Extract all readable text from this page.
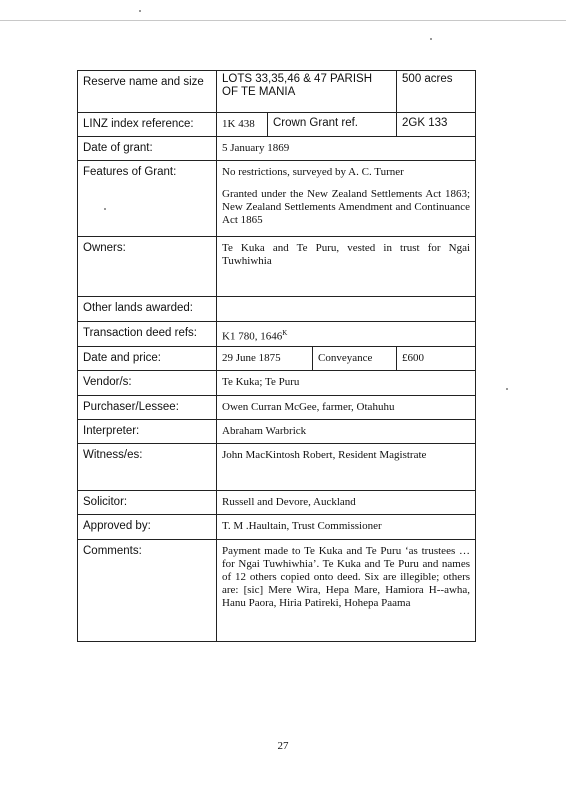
Reserve name and size	LOTS 33,35,46 & 47 PARISH OF TE MANIA			500 acres

LINZ index reference:	1K 438	Crown Grant ref.		2GK 133

Date of grant:	5 January 1869			

Features of Grant:	No restrictions, surveyed by A. C. Turner

Granted under the New Zealand Settlements Act 1863; New Zealand Settlements Amendment and Continuance Act 1865			

Owners:	Te Kuka and Te Puru, vested in trust for Ngai Tuwhiwhia			

Other lands awarded:				

Transaction deed refs:	K1 780, $1646^K$

Date and price:	29 June 1875		Conveyance	£600

Vendor/s:	Te Kuka; Te Puru			

Purchaser/Lessee:	Owen Curran McGee, farmer, Otahuhu			

Interpreter:	Abraham Warbrick			

Witness/es:	John MacKintosh Robert, Resident Magistrate			

Solicitor:	Russell and Devore, Auckland			

Approved by:	T. M .Haultain, Trust Commissioner			

Comments:	Payment made to Te Kuka and Te Puru ‘as trustees … for Ngai Tuwhiwhia’. Te Kuka and Te Puru and names of 12 others copied onto deed. Six are illegible; others are: [sic] Mere Wira, Hepa Mare, Hamiora H--awha, Hanu Paora, Hiria Patireki, Hohepa Paama			
27
